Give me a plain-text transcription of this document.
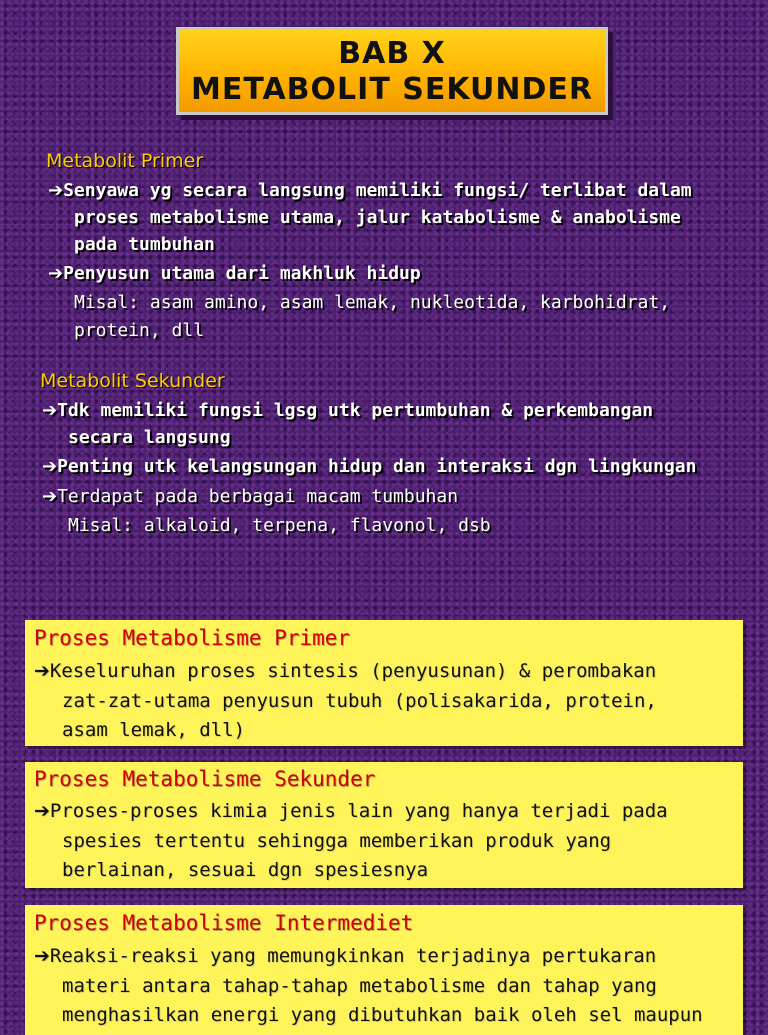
BAB X
METABOLIT SEKUNDER
Metabolit Primer
➔Senyawa yg secara langsung memiliki fungsi/ terlibat dalam
proses metabolisme utama, jalur katabolisme & anabolisme
pada tumbuhan
➔Penyusun utama dari makhluk hidup
Misal: asam amino, asam lemak, nukleotida, karbohidrat,
protein, dll
Metabolit Sekunder
➔Tdk memiliki fungsi lgsg utk pertumbuhan & perkembangan
secara langsung
➔Penting utk kelangsungan hidup dan interaksi dgn lingkungan
➔Terdapat pada berbagai macam tumbuhan
Misal: alkaloid, terpena, flavonol, dsb
Proses Metabolisme Primer
➔Keseluruhan proses sintesis (penyusunan) & perombakan
zat-zat-utama penyusun tubuh (polisakarida, protein,
asam lemak, dll)
Proses Metabolisme Sekunder
➔Proses-proses kimia jenis lain yang hanya terjadi pada
spesies tertentu sehingga memberikan produk yang
berlainan, sesuai dgn spesiesnya
Proses Metabolisme Intermediet
➔Reaksi-reaksi yang memungkinkan terjadinya pertukaran
materi antara tahap-tahap metabolisme dan tahap yang
menghasilkan energi yang dibutuhkan baik oleh sel maupun
